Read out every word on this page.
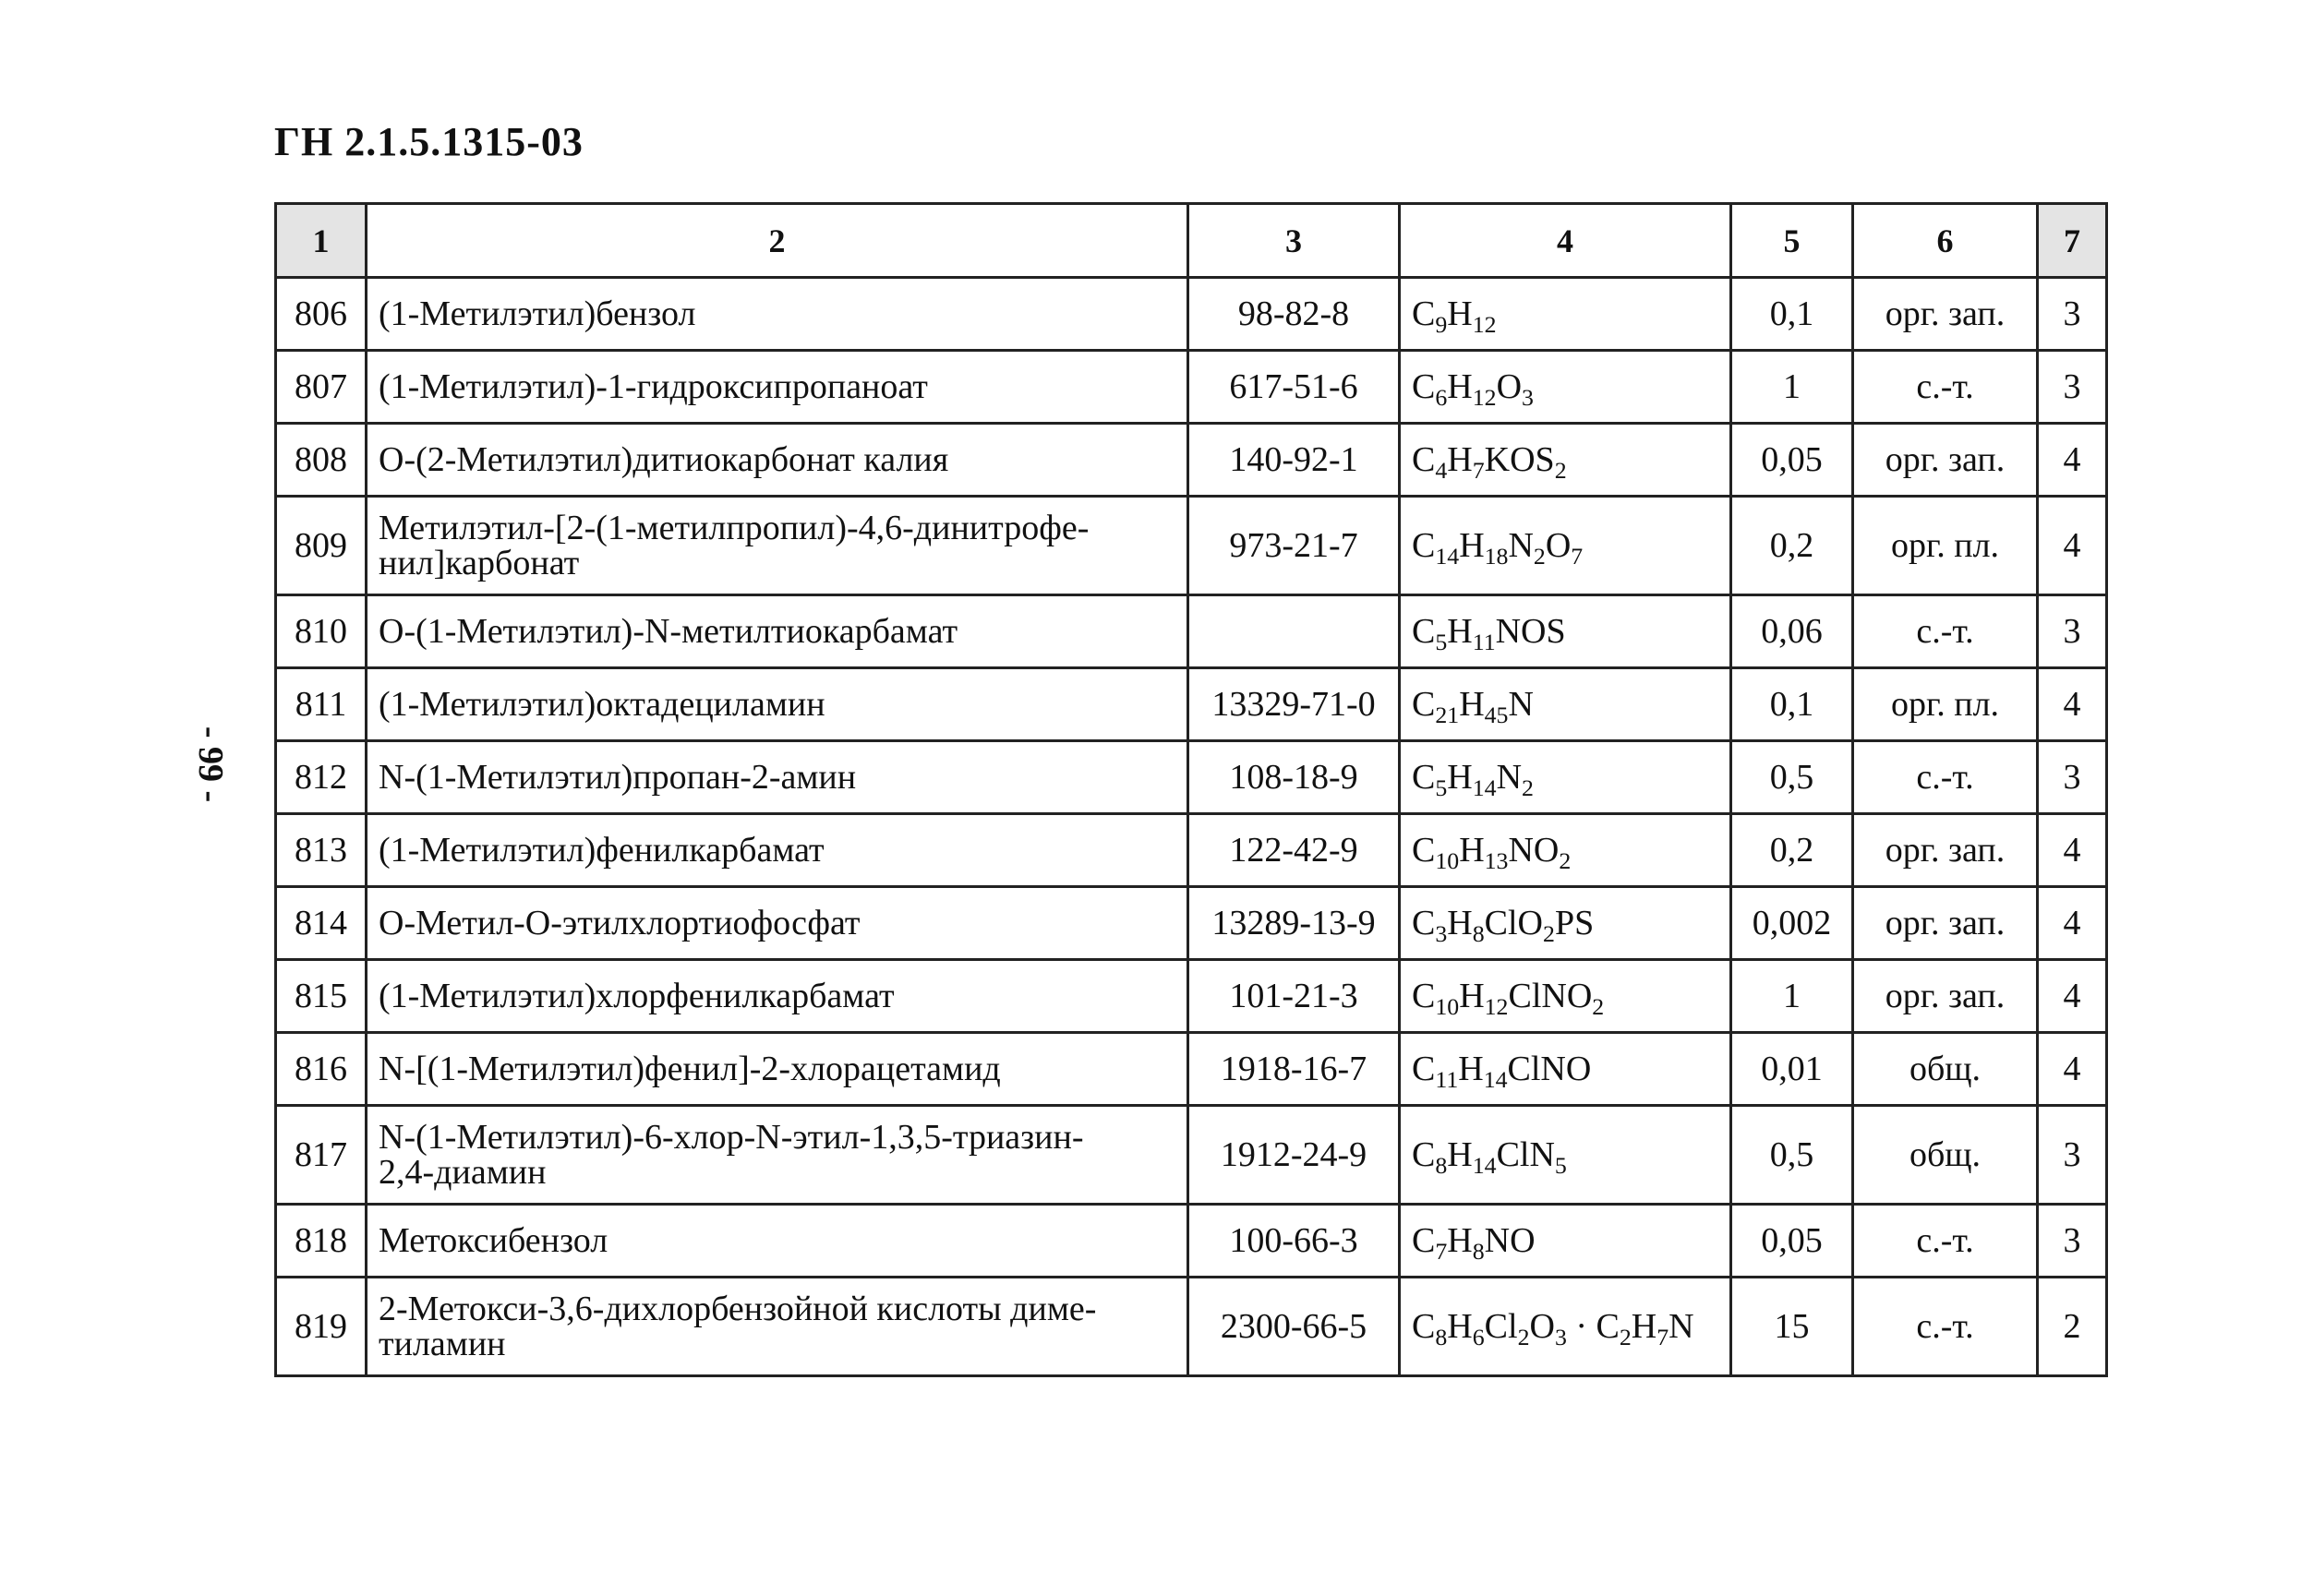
ГН 2.1.5.1315-03
- 99 -
1	2	3	4	5	6	7
806	(1-Метилэтил)бензол	98-82-8	$C_9H_{12}$	0,1	орг. зап.	3
807	(1-Метилэтил)-1-гидроксипропаноат	617-51-6	$C_6H_{12}O_3$	1	с.-т.	3
808	O-(2-Метилэтил)дитиокарбонат калия	140-92-1	$C_4H_7KOS_2$	0,05	орг. зап.	4
809	Метилэтил-[2-(1-метилпропил)-4,6-динитрофе-
нил]карбонат	973-21-7	$C_{14}H_{18}N_2O_7$	0,2	орг. пл.	4
810	O-(1-Метилэтил)-N-метилтиокарбамат		$C_5H_{11}NOS$	0,06	с.-т.	3
811	(1-Метилэтил)октадециламин	13329-71-0	$C_{21}H_{45}N$	0,1	орг. пл.	4
812	N-(1-Метилэтил)пропан-2-амин	108-18-9	$C_5H_{14}N_2$	0,5	с.-т.	3
813	(1-Метилэтил)фенилкарбамат	122-42-9	$C_{10}H_{13}NO_2$	0,2	орг. зап.	4
814	O-Метил-O-этилхлортиофосфат	13289-13-9	$C_3H_8ClO_2PS$	0,002	орг. зап.	4
815	(1-Метилэтил)хлорфенилкарбамат	101-21-3	$C_{10}H_{12}ClNO_2$	1	орг. зап.	4
816	N-[(1-Метилэтил)фенил]-2-хлорацетамид	1918-16-7	$C_{11}H_{14}ClNO$	0,01	общ.	4
817	N-(1-Метилэтил)-6-хлор-N-этил-1,3,5-триазин-
2,4-диамин	1912-24-9	$C_8H_{14}ClN_5$	0,5	общ.	3
818	Метоксибензол	100-66-3	$C_7H_8NO$	0,05	с.-т.	3
819	2-Метокси-3,6-дихлорбензойной кислоты диме-
тиламин	2300-66-5	$C_8H_6Cl_2O_3 \cdot C_2H_7N$	15	с.-т.	2
